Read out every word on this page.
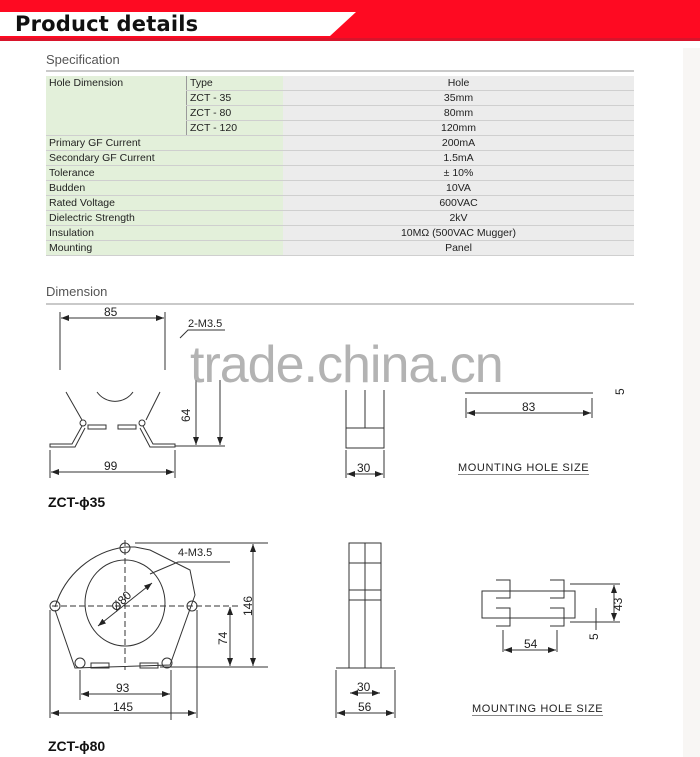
Product details
Specification
Hole Dimension	Type	Hole
	ZCT - 35	35mm
	ZCT - 80	80mm
	ZCT - 120	120mm
Primary GF Current		200mA
Secondary GF Current		1.5mA
Tolerance		± 10%
Budden		10VA
Rated Voltage		600VAC
Dielectric Strength		2kV
Insulation		10MΩ (500VAC Mugger)
Mounting		Panel
Dimension
85
2-M3.5
99
64
30
83
5
4-M3.5
Ø80	146
74
93
145
30
56
54
43
5
trade.china.cn
ZCT-ϕ35
MOUNTING HOLE SIZE
ZCT-ϕ80
MOUNTING HOLE SIZE
